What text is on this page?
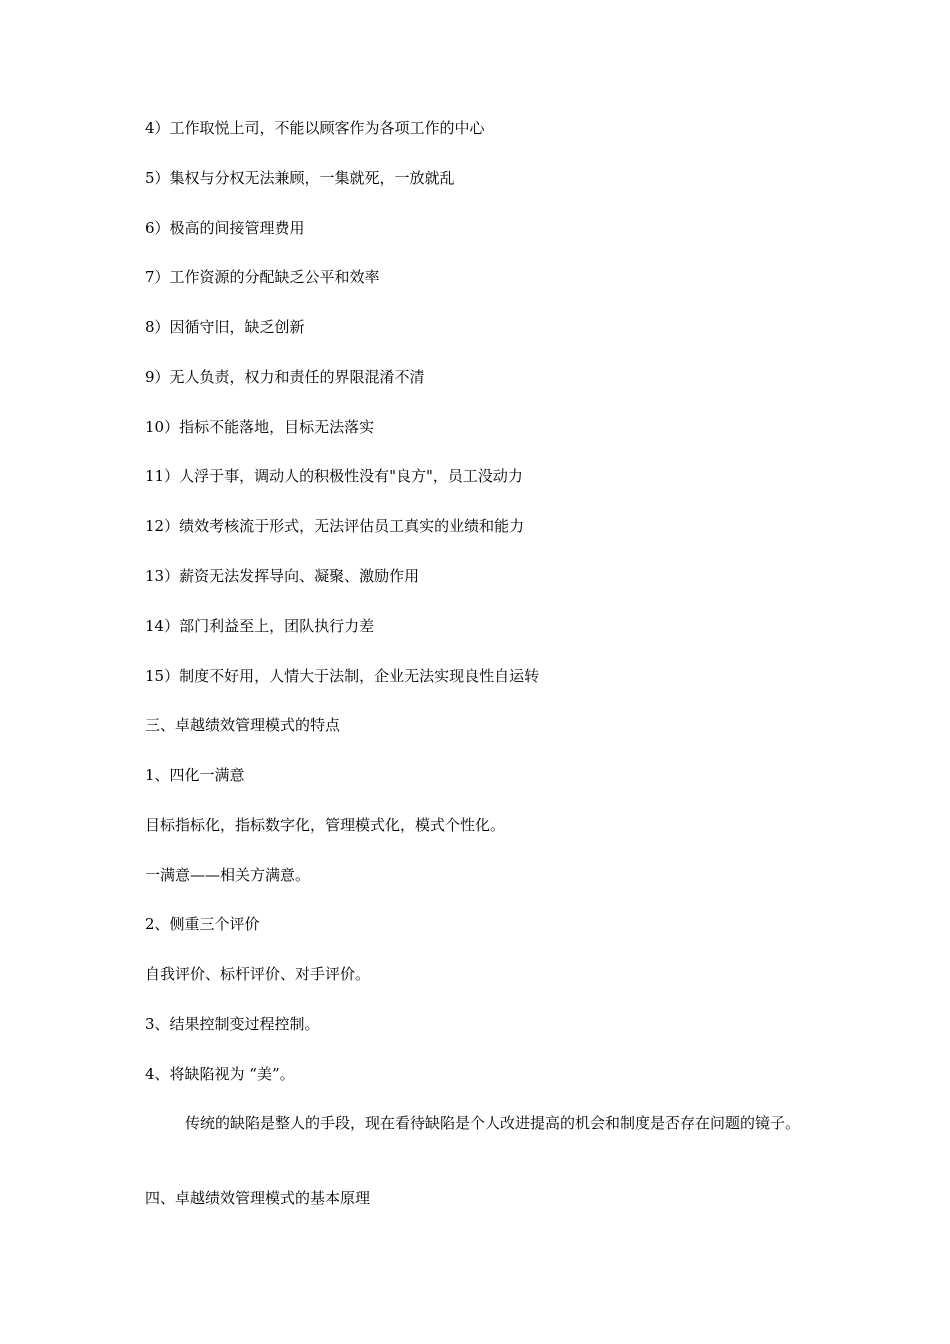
4）工作取悦上司，不能以顾客作为各项工作的中心
5）集权与分权无法兼顾，一集就死，一放就乱
6）极高的间接管理费用
7）工作资源的分配缺乏公平和效率
8）因循守旧，缺乏创新
9）无人负责，权力和责任的界限混淆不清
10）指标不能落地，目标无法落实
11）人浮于事，调动人的积极性没有"良方"，员工没动力
12）绩效考核流于形式，无法评估员工真实的业绩和能力
13）薪资无法发挥导向、凝聚、激励作用
14）部门利益至上，团队执行力差
15）制度不好用，人情大于法制，企业无法实现良性自运转
三、卓越绩效管理模式的特点
1、四化一满意
目标指标化，指标数字化，管理模式化，模式个性化。
一满意——相关方满意。
2、侧重三个评价
自我评价、标杆评价、对手评价。
3、结果控制变过程控制。
4、将缺陷视为 “美”。
传统的缺陷是整人的手段，现在看待缺陷是个人改进提高的机会和制度是否存在问题的镜子。
四、卓越绩效管理模式的基本原理
